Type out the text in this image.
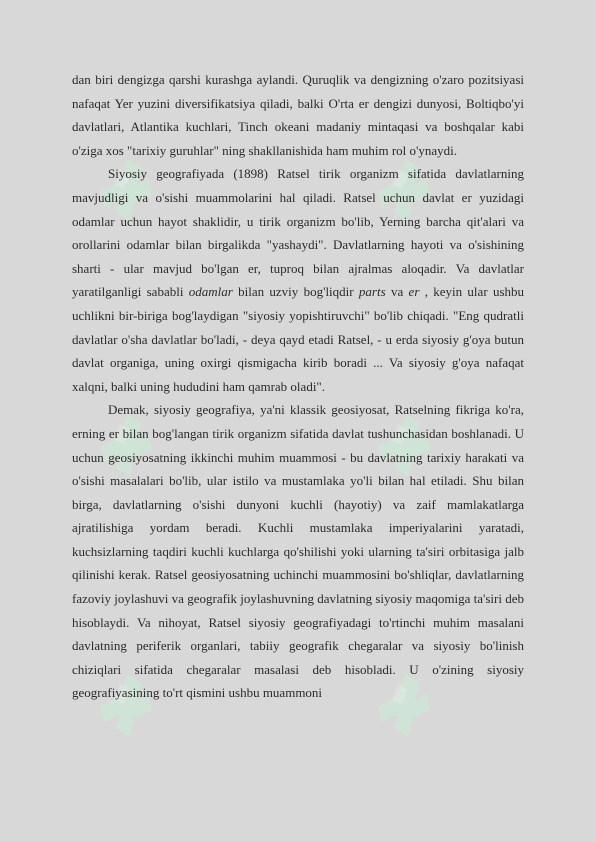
dan biri dengizga qarshi kurashga aylandi. Quruqlik va dengizning o'zaro pozitsiyasi nafaqat Yer yuzini diversifikatsiya qiladi, balki O'rta er dengizi dunyosi, Boltiqbo'yi davlatlari, Atlantika kuchlari, Tinch okeani madaniy mintaqasi va boshqalar kabi o'ziga xos "tarixiy guruhlar" ning shakllanishida ham muhim rol o'ynaydi.

Siyosiy geografiyada (1898) Ratsel tirik organizm sifatida davlatlarning mavjudligi va o'sishi muammolarini hal qiladi. Ratsel uchun davlat er yuzidagi odamlar uchun hayot shaklidir, u tirik organizm bo'lib, Yerning barcha qit'alari va orollarini odamlar bilan birgalikda "yashaydi". Davlatlarning hayoti va o'sishining sharti - ular mavjud bo'lgan er, tuproq bilan ajralmas aloqadir. Va davlatlar yaratilganligi sababli odamlar bilan uzviy bog'liqdir parts va er , keyin ular ushbu uchlikni bir-biriga bog'laydigan "siyosiy yopishtiruvchi" bo'lib chiqadi. "Eng qudratli davlatlar o'sha davlatlar bo'ladi, - deya qayd etadi Ratsel, - u erda siyosiy g'oya butun davlat organiga, uning oxirgi qismigacha kirib boradi ... Va siyosiy g'oya nafaqat xalqni, balki uning hududini ham qamrab oladi".

Demak, siyosiy geografiya, ya'ni klassik geosiyosat, Ratselning fikriga ko'ra, erning er bilan bog'langan tirik organizm sifatida davlat tushunchasidan boshlanadi. U uchun geosiyosatning ikkinchi muhim muammosi - bu davlatning tarixiy harakati va o'sishi masalalari bo'lib, ular istilo va mustamlaka yo'li bilan hal etiladi. Shu bilan birga, davlatlarning o'sishi dunyoni kuchli (hayotiy) va zaif mamlakatlarga ajratilishiga yordam beradi. Kuchli mustamlaka imperiyalarini yaratadi, kuchsizlarning taqdiri kuchli kuchlarga qo'shilishi yoki ularning ta'siri orbitasiga jalb qilinishi kerak. Ratsel geosiyosatning uchinchi muammosini bo'shliqlar, davlatlarning fazoviy joylashuvi va geografik joylashuvning davlatning siyosiy maqomiga ta'siri deb hisoblaydi. Va nihoyat, Ratsel siyosiy geografiyadagi to'rtinchi muhim masalani davlatning periferik organlari, tabiiy geografik chegaralar va siyosiy bo'linish chiziqlari sifatida chegaralar masalasi deb hisobladi. U o'zining siyosiy geografiyasining to'rt qismini ushbu muammoni
